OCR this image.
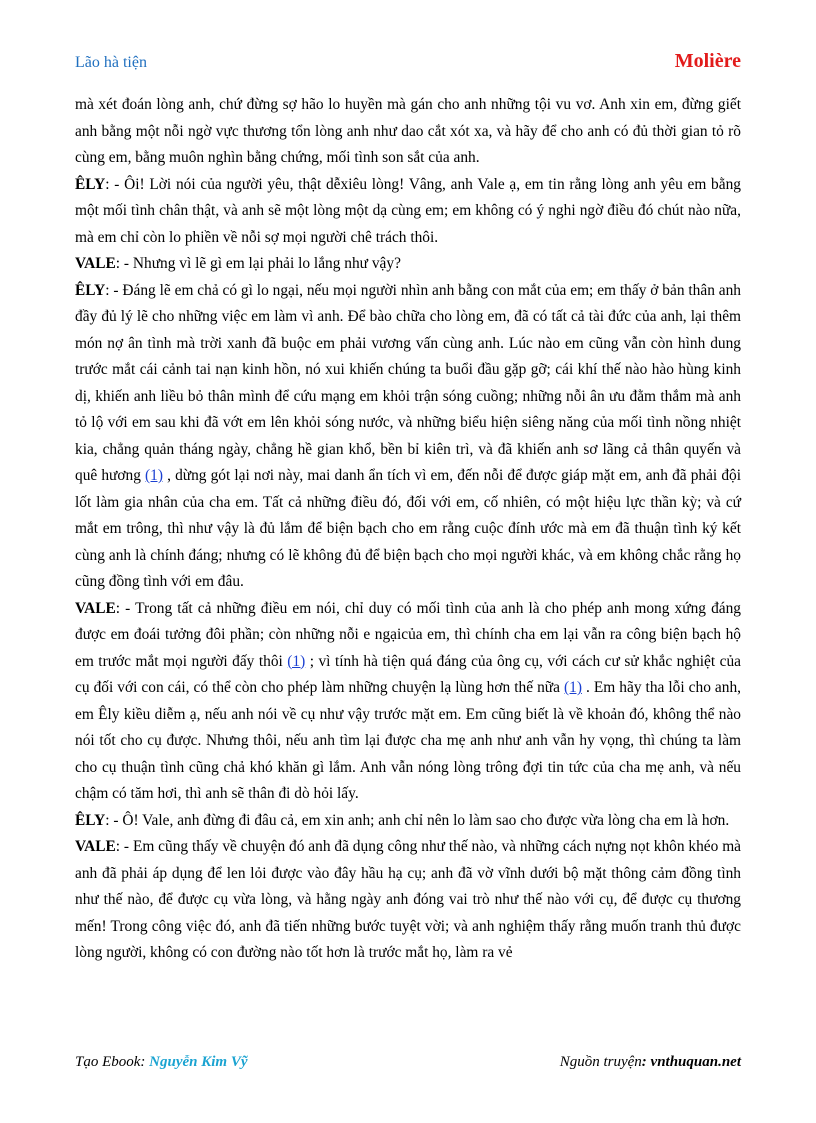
Lão hà tiện	Molière

mà xét đoán lòng anh, chứ đừng sợ hão lo huyền mà gán cho anh những tội vu vơ. Anh xin em, đừng giết anh bằng một nỗi ngờ vực thương tổn lòng anh như dao cắt xót xa, và hãy để cho anh có đủ thời gian tỏ rõ cùng em, bằng muôn nghìn bằng chứng, mối tình son sắt của anh.

ÊLY: - Ôi! Lời nói của người yêu, thật dễxiêu lòng! Vâng, anh Vale ạ, em tin rằng lòng anh yêu em bằng một mối tình chân thật, và anh sẽ một lòng một dạ cùng em; em không có ý nghi ngờ điều đó chút nào nữa, mà em chỉ còn lo phiền về nỗi sợ mọi người chê trách thôi.

VALE: - Nhưng vì lẽ gì em lại phải lo lắng như vậy?

ÊLY: - Đáng lẽ em chả có gì lo ngại, nếu mọi người nhìn anh bằng con mắt của em; em thấy ở bản thân anh đầy đủ lý lẽ cho những việc em làm vì anh. Để bào chữa cho lòng em, đã có tất cả tài đức của anh, lại thêm món nợ ân tình mà trời xanh đã buộc em phải vương vấn cùng anh. Lúc nào em cũng vẫn còn hình dung trước mắt cái cảnh tai nạn kinh hồn, nó xui khiến chúng ta buổi đầu gặp gỡ; cái khí thế nào hào hùng kinh dị, khiến anh liều bỏ thân mình để cứu mạng em khỏi trận sóng cuồng; những nỗi ân ưu đằm thắm mà anh tỏ lộ với em sau khi đã vớt em lên khỏi sóng nước, và những biểu hiện siêng năng của mối tình nồng nhiệt kia, chẳng quản tháng ngày, chẳng hề gian khổ, bền bỉ kiên trì, và đã khiến anh sơ lãng cả thân quyến và quê hương (1) , dừng gót lại nơi này, mai danh ẩn tích vì em, đến nỗi để được giáp mặt em, anh đã phải đội lốt làm gia nhân của cha em. Tất cả những điều đó, đối với em, cố nhiên, có một hiệu lực thần kỳ; và cứ mắt em trông, thì như vậy là đủ lắm để biện bạch cho em rằng cuộc đính ước mà em đã thuận tình ký kết cùng anh là chính đáng; nhưng có lẽ không đủ để biện bạch cho mọi người khác, và em không chắc rằng họ cũng đồng tình với em đâu.

VALE: - Trong tất cả những điều em nói, chỉ duy có mối tình của anh là cho phép anh mong xứng đáng được em đoái tưởng đôi phần; còn những nỗi e ngạicủa em, thì chính cha em lại vẫn ra công biện bạch hộ em trước mắt mọi người đấy thôi (1) ; vì tính hà tiện quá đáng của ông cụ, với cách cư sử khắc nghiệt của cụ đối với con cái, có thể còn cho phép làm những chuyện lạ lùng hơn thế nữa (1) . Em hãy tha lỗi cho anh, em Êly kiều diễm ạ, nếu anh nói về cụ như vậy trước mặt em. Em cũng biết là về khoản đó, không thể nào nói tốt cho cụ được. Nhưng thôi, nếu anh tìm lại được cha mẹ anh như anh vẫn hy vọng, thì chúng ta làm cho cụ thuận tình cũng chả khó khăn gì lắm. Anh vẫn nóng lòng trông đợi tin tức của cha mẹ anh, và nếu chậm có tăm hơi, thì anh sẽ thân đi dò hỏi lấy.

ÊLY: - Ô! Vale, anh đừng đi đâu cả, em xin anh; anh chỉ nên lo làm sao cho được vừa lòng cha em là hơn.

VALE: - Em cũng thấy về chuyện đó anh đã dụng công như thế nào, và những cách nựng nọt khôn khéo mà anh đã phải áp dụng để len lỏi được vào đây hầu hạ cụ; anh đã vờ vĩnh dưới bộ mặt thông cảm đồng tình như thế nào, để được cụ vừa lòng, và hằng ngày anh đóng vai trò như thế nào với cụ, để được cụ thương mến! Trong công việc đó, anh đã tiến những bước tuyệt vời; và anh nghiệm thấy rằng muốn tranh thủ được lòng người, không có con đường nào tốt hơn là trước mắt họ, làm ra vẻ

Tạo Ebook: Nguyễn Kim Vỹ	Nguồn truyện: vnthuquan.net
